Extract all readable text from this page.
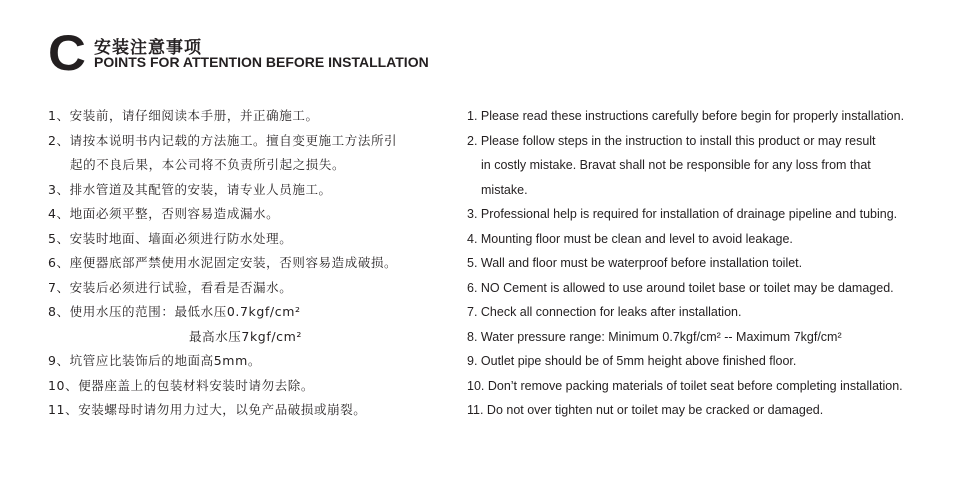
C 安装注意事项
POINTS FOR ATTENTION BEFORE INSTALLATION
1、安装前，请仔细阅读本手册，并正确施工。
2、请按本说明书内记载的方法施工。擅自变更施工方法所引
起的不良后果，本公司将不负责所引起之损失。
3、排水管道及其配管的安装，请专业人员施工。
4、地面必须平整，否则容易造成漏水。
5、安装时地面、墙面必须进行防水处理。
6、座便器底部严禁使用水泥固定安装，否则容易造成破损。
7、安装后必须进行试验，看看是否漏水。
8、使用水压的范围：最低水压0.7kgf/cm²
最高水压7kgf/cm²
9、坑管应比装饰后的地面高5mm。
10、便器座盖上的包装材料安装时请勿去除。
11、安装螺母时请勿用力过大，以免产品破损或崩裂。
1. Please read these instructions carefully before begin for properly installation.
2. Please follow steps in the instruction to install this product or may result
in costly mistake. Bravat shall not be responsible for any loss from that
mistake.
3. Professional help is required for installation of drainage pipeline and tubing.
4. Mounting floor must be clean and level to avoid leakage.
5. Wall and floor must be waterproof before installation toilet.
6. NO Cement is allowed to use around toilet base or toilet may be damaged.
7. Check all connection for leaks after installation.
8. Water pressure range: Minimum 0.7kgf/cm² -- Maximum 7kgf/cm²
9. Outlet pipe should be of 5mm height above finished floor.
10. Don’t remove packing materials of toilet seat before completing installation.
11. Do not over tighten nut or toilet may be cracked or damaged.
